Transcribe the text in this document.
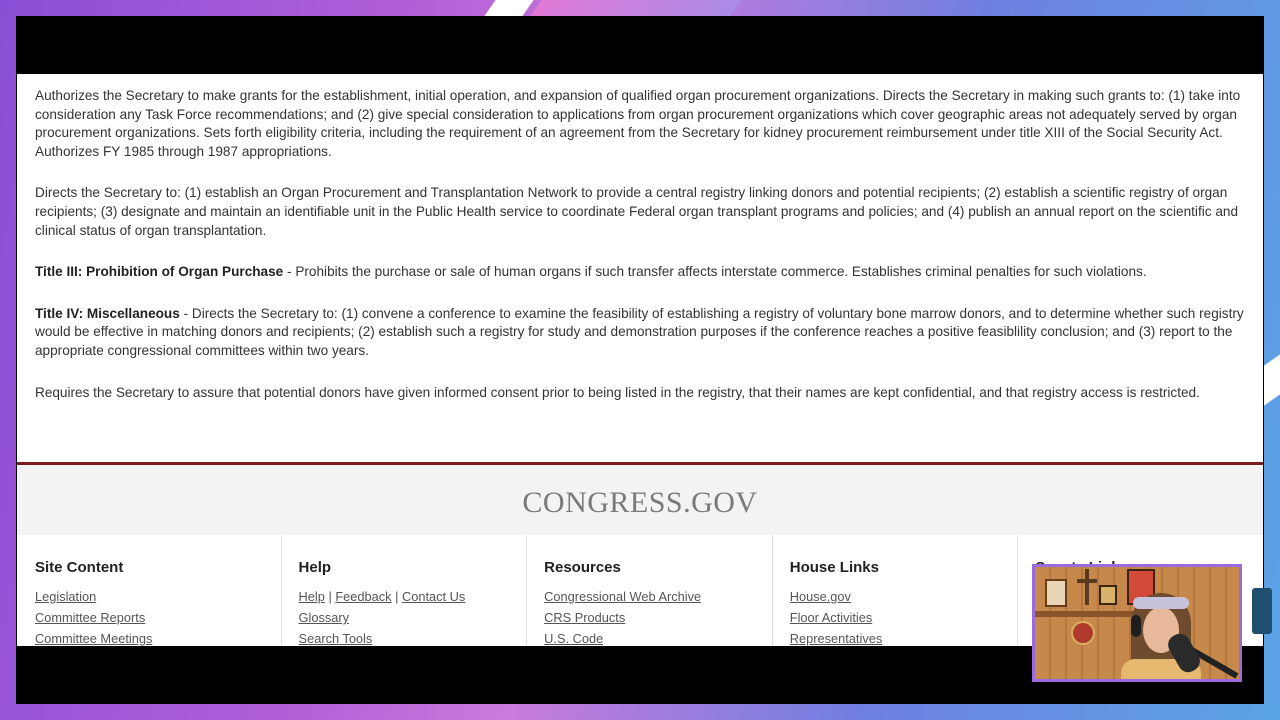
Authorizes the Secretary to make grants for the establishment, initial operation, and expansion of qualified organ procurement organizations. Directs the Secretary in making such grants to: (1) take into consideration any Task Force recommendations; and (2) give special consideration to applications from organ procurement organizations which cover geographic areas not adequately served by organ procurement organizations. Sets forth eligibility criteria, including the requirement of an agreement from the Secretary for kidney procurement reimbursement under title XIII of the Social Security Act. Authorizes FY 1985 through 1987 appropriations.

Directs the Secretary to: (1) establish an Organ Procurement and Transplantation Network to provide a central registry linking donors and potential recipients; (2) establish a scientific registry of organ recipients; (3) designate and maintain an identifiable unit in the Public Health service to coordinate Federal organ transplant programs and policies; and (4) publish an annual report on the scientific and clinical status of organ transplantation.

Title III: Prohibition of Organ Purchase - Prohibits the purchase or sale of human organs if such transfer affects interstate commerce. Establishes criminal penalties for such violations.

Title IV: Miscellaneous - Directs the Secretary to: (1) convene a conference to examine the feasibility of establishing a registry of voluntary bone marrow donors, and to determine whether such registry would be effective in matching donors and recipients; (2) establish such a registry for study and demonstration purposes if the conference reaches a positive feasiblility conclusion; and (3) report to the appropriate congressional committees within two years.

Requires the Secretary to assure that potential donors have given informed consent prior to being listed in the registry, that their names are kept confidential, and that registry access is restricted.

CONGRESS.GOV
Site Content
Legislation
Committee Reports
Committee Meetings
Help
Help | Feedback | Contact Us
Glossary
Search Tools
Resources
Congressional Web Archive
CRS Products
U.S. Code
House Links
House.gov
Floor Activities
Representatives
